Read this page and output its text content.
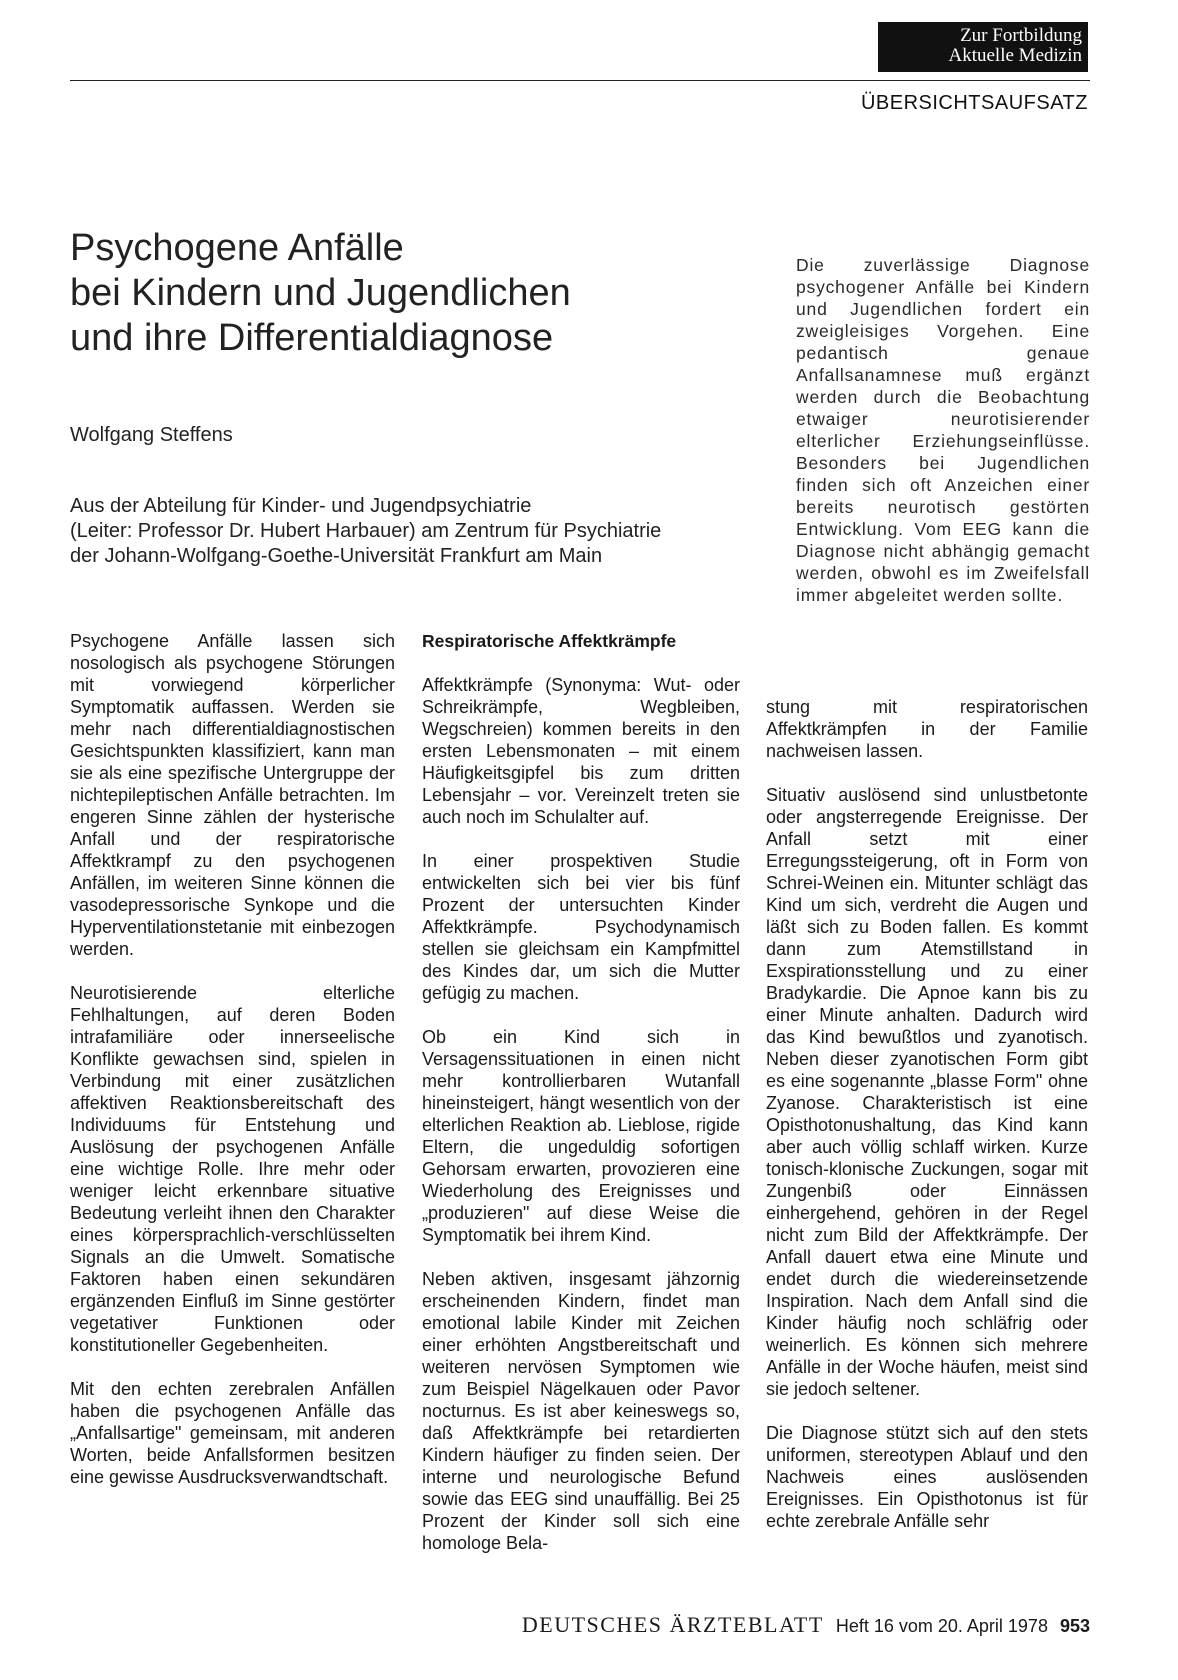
Zur Fortbildung
Aktuelle Medizin
ÜBERSICHTSAUFSATZ
Psychogene Anfälle
bei Kindern und Jugendlichen
und ihre Differentialdiagnose
Wolfgang Steffens
Aus der Abteilung für Kinder- und Jugendpsychiatrie
(Leiter: Professor Dr. Hubert Harbauer) am Zentrum für Psychiatrie
der Johann-Wolfgang-Goethe-Universität Frankfurt am Main

Die zuverlässige Diagnose psychogener Anfälle bei Kindern und Jugendlichen fordert ein zweigleisiges Vorgehen. Eine pedantisch genaue Anfallsanamnese muß ergänzt werden durch die Beobachtung etwaiger neurotisierender elterlicher Erziehungseinflüsse. Besonders bei Jugendlichen finden sich oft Anzeichen einer bereits neurotisch gestörten Entwicklung. Vom EEG kann die Diagnose nicht abhängig gemacht werden, obwohl es im Zweifelsfall immer abgeleitet werden sollte.

Psychogene Anfälle lassen sich nosologisch als psychogene Störungen mit vorwiegend körperlicher Symptomatik auffassen. Werden sie mehr nach differentialdiagnostischen Gesichtspunkten klassifiziert, kann man sie als eine spezifische Untergruppe der nichtepileptischen Anfälle betrachten. Im engeren Sinne zählen der hysterische Anfall und der respiratorische Affektkrampf zu den psychogenen Anfällen, im weiteren Sinne können die vasodepressorische Synkope und die Hyperventilationstetanie mit einbezogen werden.

Neurotisierende elterliche Fehlhaltungen, auf deren Boden intrafamiliäre oder innerseelische Konflikte gewachsen sind, spielen in Verbindung mit einer zusätzlichen affektiven Reaktionsbereitschaft des Individuums für Entstehung und Auslösung der psychogenen Anfälle eine wichtige Rolle. Ihre mehr oder weniger leicht erkennbare situative Bedeutung verleiht ihnen den Charakter eines körpersprachlich-verschlüsselten Signals an die Umwelt. Somatische Faktoren haben einen sekundären ergänzenden Einfluß im Sinne gestörter vegetativer Funktionen oder konstitutioneller Gegebenheiten.

Mit den echten zerebralen Anfällen haben die psychogenen Anfälle das „Anfallsartige" gemeinsam, mit anderen Worten, beide Anfallsformen besitzen eine gewisse Ausdrucksverwandtschaft.

Respiratorische Affektkrämpfe

Affektkrämpfe (Synonyma: Wut- oder Schreikrämpfe, Wegbleiben, Wegschreien) kommen bereits in den ersten Lebensmonaten – mit einem Häufigkeitsgipfel bis zum dritten Lebensjahr – vor. Vereinzelt treten sie auch noch im Schulalter auf.

In einer prospektiven Studie entwickelten sich bei vier bis fünf Prozent der untersuchten Kinder Affektkrämpfe. Psychodynamisch stellen sie gleichsam ein Kampfmittel des Kindes dar, um sich die Mutter gefügig zu machen.

Ob ein Kind sich in Versagenssituationen in einen nicht mehr kontrollierbaren Wutanfall hineinsteigert, hängt wesentlich von der elterlichen Reaktion ab. Lieblose, rigide Eltern, die ungeduldig sofortigen Gehorsam erwarten, provozieren eine Wiederholung des Ereignisses und „produzieren" auf diese Weise die Symptomatik bei ihrem Kind.

Neben aktiven, insgesamt jähzornig erscheinenden Kindern, findet man emotional labile Kinder mit Zeichen einer erhöhten Angstbereitschaft und weiteren nervösen Symptomen wie zum Beispiel Nägelkauen oder Pavor nocturnus. Es ist aber keineswegs so, daß Affektkrämpfe bei retardierten Kindern häufiger zu finden seien. Der interne und neurologische Befund sowie das EEG sind unauffällig. Bei 25 Prozent der Kinder soll sich eine homologe Bela-

stung mit respiratorischen Affektkrämpfen in der Familie nachweisen lassen.

Situativ auslösend sind unlustbetonte oder angsterregende Ereignisse. Der Anfall setzt mit einer Erregungssteigerung, oft in Form von Schrei-Weinen ein. Mitunter schlägt das Kind um sich, verdreht die Augen und läßt sich zu Boden fallen. Es kommt dann zum Atemstillstand in Exspirationsstellung und zu einer Bradykardie. Die Apnoe kann bis zu einer Minute anhalten. Dadurch wird das Kind bewußtlos und zyanotisch. Neben dieser zyanotischen Form gibt es eine sogenannte „blasse Form" ohne Zyanose. Charakteristisch ist eine Opisthotonushaltung, das Kind kann aber auch völlig schlaff wirken. Kurze tonisch-klonische Zuckungen, sogar mit Zungenbiß oder Einnässen einhergehend, gehören in der Regel nicht zum Bild der Affektkrämpfe. Der Anfall dauert etwa eine Minute und endet durch die wiedereinsetzende Inspiration. Nach dem Anfall sind die Kinder häufig noch schläfrig oder weinerlich. Es können sich mehrere Anfälle in der Woche häufen, meist sind sie jedoch seltener.

Die Diagnose stützt sich auf den stets uniformen, stereotypen Ablauf und den Nachweis eines auslösenden Ereignisses. Ein Opisthotonus ist für echte zerebrale Anfälle sehr

DEUTSCHES ÄRZTEBLATT Heft 16 vom 20. April 1978 953
